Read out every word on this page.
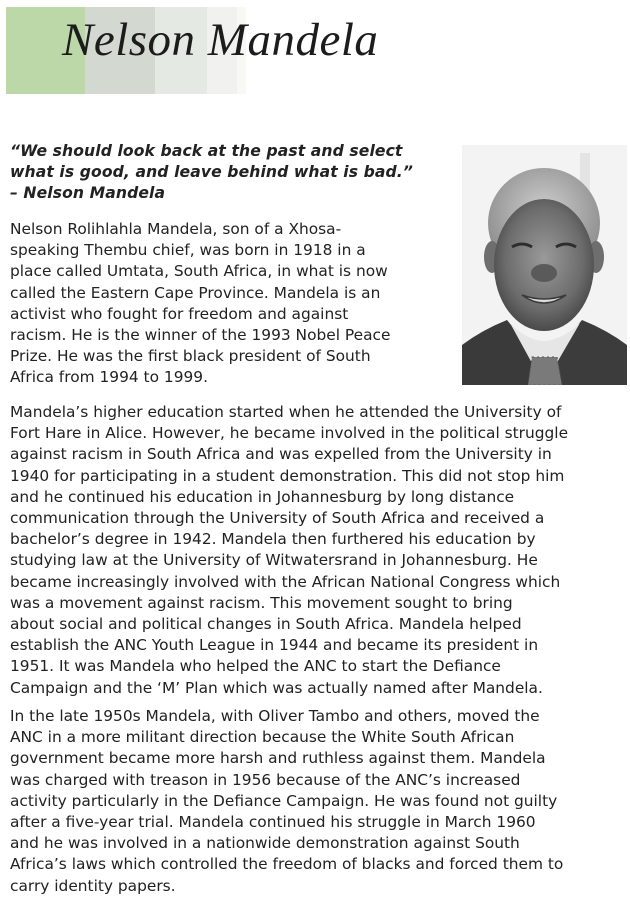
Nelson Mandela
“We should look back at the past and select
what is good, and leave behind what is bad.”
– Nelson Mandela
Nelson Rolihlahla Mandela, son of a Xhosa-
speaking Thembu chief, was born in 1918 in a
place called Umtata, South Africa, in what is now
called the Eastern Cape Province. Mandela is an
activist who fought for freedom and against
racism. He is the winner of the 1993 Nobel Peace
Prize. He was the first black president of South
Africa from 1994 to 1999.
Mandela’s higher education started when he attended the University of
Fort Hare in Alice. However, he became involved in the political struggle
against racism in South Africa and was expelled from the University in
1940 for participating in a student demonstration. This did not stop him
and he continued his education in Johannesburg by long distance
communication through the University of South Africa and received a
bachelor’s degree in 1942. Mandela then furthered his education by
studying law at the University of Witwatersrand in Johannesburg. He
became increasingly involved with the African National Congress which
was a movement against racism. This movement sought to bring
about social and political changes in South Africa. Mandela helped
establish the ANC Youth League in 1944 and became its president in
1951. It was Mandela who helped the ANC to start the Defiance
Campaign and the ‘M’ Plan which was actually named after Mandela.
In the late 1950s Mandela, with Oliver Tambo and others, moved the
ANC in a more militant direction because the White South African
government became more harsh and ruthless against them. Mandela
was charged with treason in 1956 because of the ANC’s increased
activity particularly in the Defiance Campaign. He was found not guilty
after a five-year trial. Mandela continued his struggle in March 1960
and he was involved in a nationwide demonstration against South
Africa’s laws which controlled the freedom of blacks and forced them to
carry identity papers.
